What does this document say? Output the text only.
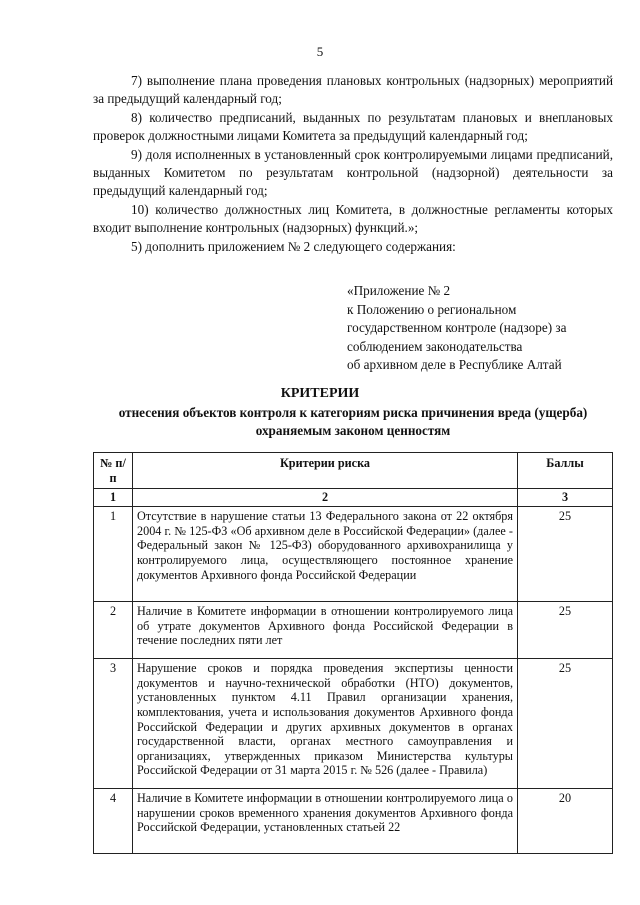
5

7) выполнение плана проведения плановых контрольных (надзорных) мероприятий за предыдущий календарный год;

8) количество предписаний, выданных по результатам плановых и внеплановых проверок должностными лицами Комитета за предыдущий календарный год;

9) доля исполненных в установленный срок контролируемыми лицами предписаний, выданных Комитетом по результатам контрольной (надзорной) деятельности за предыдущий календарный год;

10) количество должностных лиц Комитета, в должностные регламенты которых входит выполнение контрольных (надзорных) функций.»;

5) дополнить приложением № 2 следующего содержания:

«Приложение № 2
к Положению о региональном
государственном контроле (надзоре) за
соблюдением законодательства
об архивном деле в Республике Алтай
КРИТЕРИИ
отнесения объектов контроля к категориям риска причинения вреда (ущерба) охраняемым законом ценностям
№ п/п	Критерии риска	Баллы
1	2	3
1	Отсутствие в нарушение статьи 13 Федерального закона от 22 октября 2004 г. № 125-ФЗ «Об архивном деле в Российской Федерации» (далее - Федеральный закон № 125-ФЗ) оборудованного архивохранилища у контролируемого лица, осуществляющего постоянное хранение документов Архивного фонда Российской Федерации	25
2	Наличие в Комитете информации в отношении контролируемого лица об утрате документов Архивного фонда Российской Федерации в течение последних пяти лет	25
3	Нарушение сроков и порядка проведения экспертизы ценности документов и научно-технической обработки (НТО) документов, установленных пунктом 4.11 Правил организации хранения, комплектования, учета и использования документов Архивного фонда Российской Федерации и других архивных документов в органах государственной власти, органах местного самоуправления и организациях, утвержденных приказом Министерства культуры Российской Федерации от 31 марта 2015 г. № 526 (далее - Правила)	25
4	Наличие в Комитете информации в отношении контролируемого лица о нарушении сроков временного хранения документов Архивного фонда Российской Федерации, установленных статьей 22	20
